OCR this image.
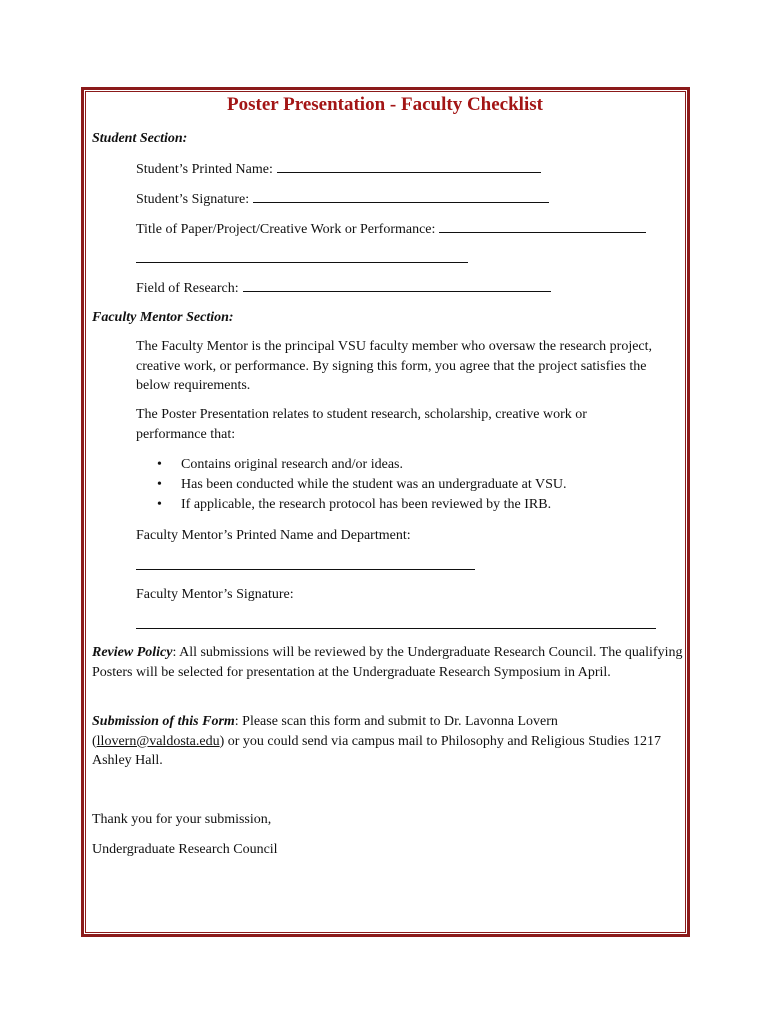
Poster Presentation - Faculty Checklist
Student Section:
Student’s Printed Name:
Student’s Signature:
Title of Paper/Project/Creative Work or Performance:
Field of Research:
Faculty Mentor Section:
The Faculty Mentor is the principal VSU faculty member who oversaw the research project, creative work, or performance. By signing this form, you agree that the project satisfies the below requirements.
The Poster Presentation relates to student research, scholarship, creative work or performance that:
• Contains original research and/or ideas.
• Has been conducted while the student was an undergraduate at VSU.
• If applicable, the research protocol has been reviewed by the IRB.
Faculty Mentor’s Printed Name and Department:
Faculty Mentor’s Signature:
Review Policy: All submissions will be reviewed by the Undergraduate Research Council. The qualifying Posters will be selected for presentation at the Undergraduate Research Symposium in April.
Submission of this Form: Please scan this form and submit to Dr. Lavonna Lovern (llovern@valdosta.edu) or you could send via campus mail to Philosophy and Religious Studies 1217 Ashley Hall.
Thank you for your submission,
Undergraduate Research Council
